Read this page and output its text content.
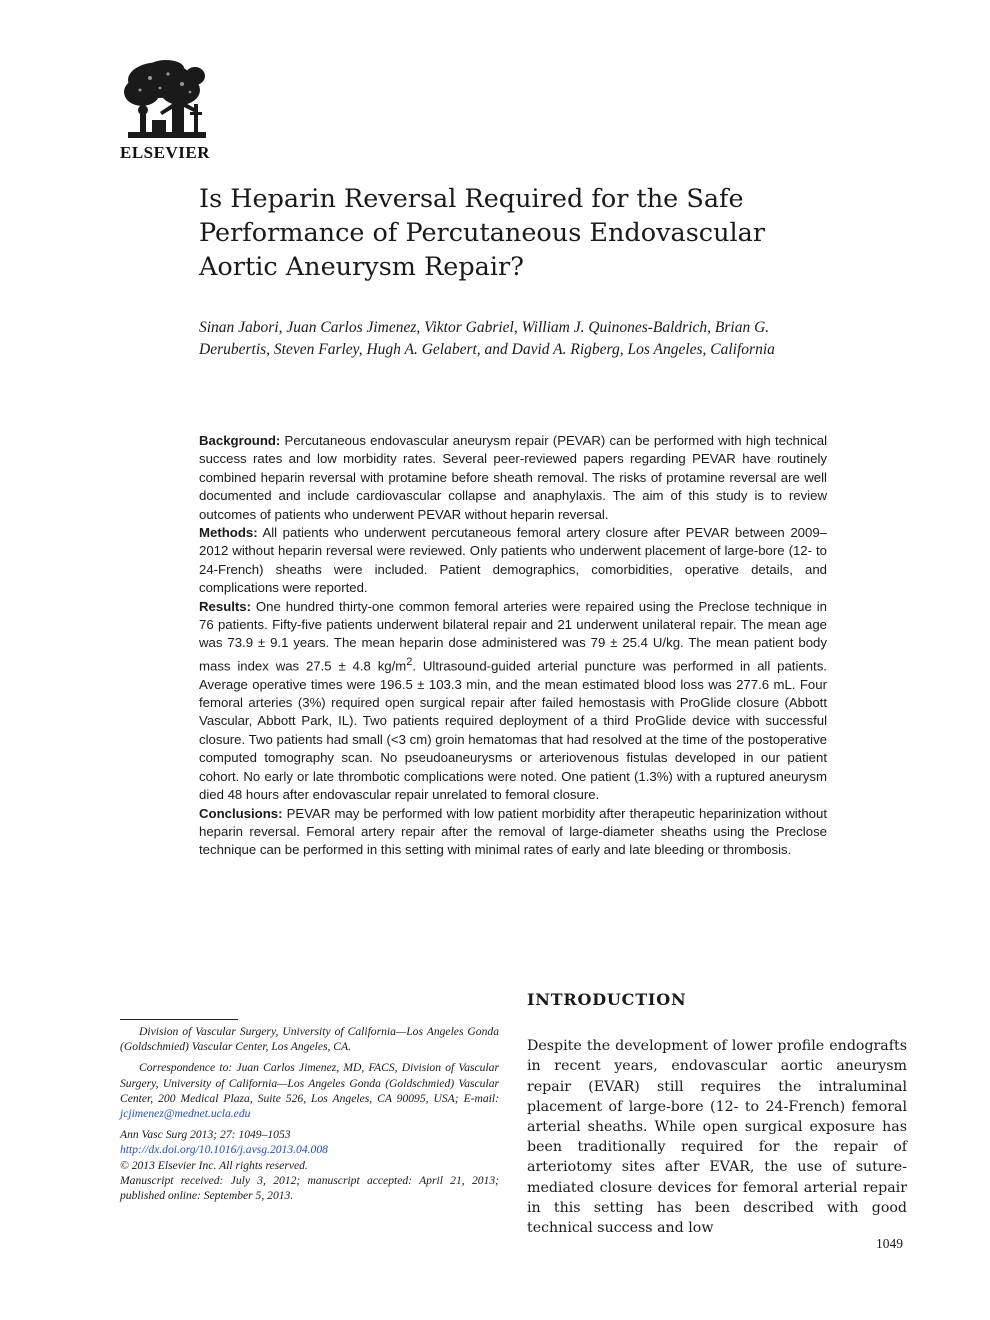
ELSEVIER
Is Heparin Reversal Required for the Safe Performance of Percutaneous Endovascular Aortic Aneurysm Repair?

Sinan Jabori, Juan Carlos Jimenez, Viktor Gabriel, William J. Quinones-Baldrich, Brian G. Derubertis, Steven Farley, Hugh A. Gelabert, and David A. Rigberg, Los Angeles, California

Background: Percutaneous endovascular aneurysm repair (PEVAR) can be performed with high technical success rates and low morbidity rates. Several peer-reviewed papers regarding PEVAR have routinely combined heparin reversal with protamine before sheath removal. The risks of protamine reversal are well documented and include cardiovascular collapse and anaphylaxis. The aim of this study is to review outcomes of patients who underwent PEVAR without heparin reversal.

Methods: All patients who underwent percutaneous femoral artery closure after PEVAR between 2009–2012 without heparin reversal were reviewed. Only patients who underwent placement of large-bore (12- to 24-French) sheaths were included. Patient demographics, comorbidities, operative details, and complications were reported.

Results: One hundred thirty-one common femoral arteries were repaired using the Preclose technique in 76 patients. Fifty-five patients underwent bilateral repair and 21 underwent unilateral repair. The mean age was 73.9 ± 9.1 years. The mean heparin dose administered was 79 ± 25.4 U/kg. The mean patient body mass index was 27.5 ± 4.8 $kg/m^2$. Ultrasound-guided arterial puncture was performed in all patients. Average operative times were 196.5 ± 103.3 min, and the mean estimated blood loss was 277.6 mL. Four femoral arteries (3%) required open surgical repair after failed hemostasis with ProGlide closure (Abbott Vascular, Abbott Park, IL). Two patients required deployment of a third ProGlide device with successful closure. Two patients had small (<3 cm) groin hematomas that had resolved at the time of the postoperative computed tomography scan. No pseudoaneurysms or arteriovenous fistulas developed in our patient cohort. No early or late thrombotic complications were noted. One patient (1.3%) with a ruptured aneurysm died 48 hours after endovascular repair unrelated to femoral closure.

Conclusions: PEVAR may be performed with low patient morbidity after therapeutic heparinization without heparin reversal. Femoral artery repair after the removal of large-diameter sheaths using the Preclose technique can be performed in this setting with minimal rates of early and late bleeding or thrombosis.

Division of Vascular Surgery, University of California—Los Angeles Gonda (Goldschmied) Vascular Center, Los Angeles, CA.

Correspondence to: Juan Carlos Jimenez, MD, FACS, Division of Vascular Surgery, University of California—Los Angeles Gonda (Goldschmied) Vascular Center, 200 Medical Plaza, Suite 526, Los Angeles, CA 90095, USA; E-mail: jcjimenez@mednet.ucla.edu

Ann Vasc Surg 2013; 27: 1049–1053

http://dx.doi.org/10.1016/j.avsg.2013.04.008

© 2013 Elsevier Inc. All rights reserved.

Manuscript received: July 3, 2012; manuscript accepted: April 21, 2013; published online: September 5, 2013.

INTRODUCTION

Despite the development of lower profile endografts in recent years, endovascular aortic aneurysm repair (EVAR) still requires the intraluminal placement of large-bore (12- to 24-French) femoral arterial sheaths. While open surgical exposure has been traditionally required for the repair of arteriotomy sites after EVAR, the use of suture-mediated closure devices for femoral arterial repair in this setting has been described with good technical success and low

1049
